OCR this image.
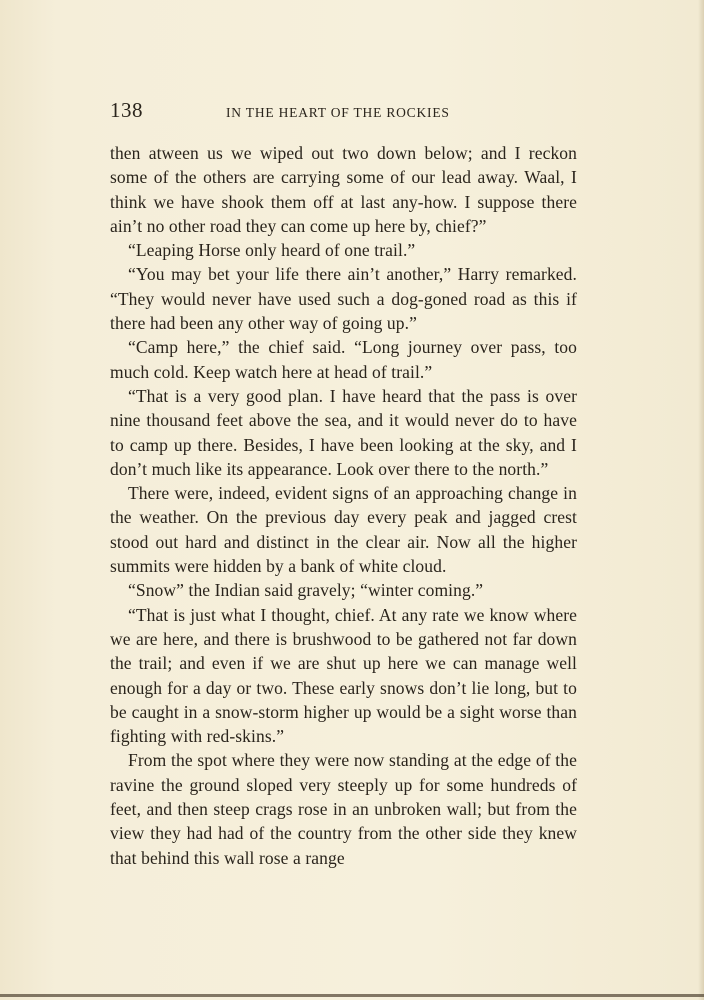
138	IN THE HEART OF THE ROCKIES

then atween us we wiped out two down below; and I reckon some of the others are carrying some of our lead away. Waal, I think we have shook them off at last any-how. I suppose there ain’t no other road they can come up here by, chief?”

“Leaping Horse only heard of one trail.”

“You may bet your life there ain’t another,” Harry remarked. “They would never have used such a dog-goned road as this if there had been any other way of going up.”

“Camp here,” the chief said. “Long journey over pass, too much cold. Keep watch here at head of trail.”

“That is a very good plan. I have heard that the pass is over nine thousand feet above the sea, and it would never do to have to camp up there. Besides, I have been looking at the sky, and I don’t much like its appearance. Look over there to the north.”

There were, indeed, evident signs of an approaching change in the weather. On the previous day every peak and jagged crest stood out hard and distinct in the clear air. Now all the higher summits were hidden by a bank of white cloud.

“Snow” the Indian said gravely; “winter coming.”

“That is just what I thought, chief. At any rate we know where we are here, and there is brushwood to be gathered not far down the trail; and even if we are shut up here we can manage well enough for a day or two. These early snows don’t lie long, but to be caught in a snow-storm higher up would be a sight worse than fighting with red-skins.”

From the spot where they were now standing at the edge of the ravine the ground sloped very steeply up for some hundreds of feet, and then steep crags rose in an unbroken wall; but from the view they had had of the country from the other side they knew that behind this wall rose a range
